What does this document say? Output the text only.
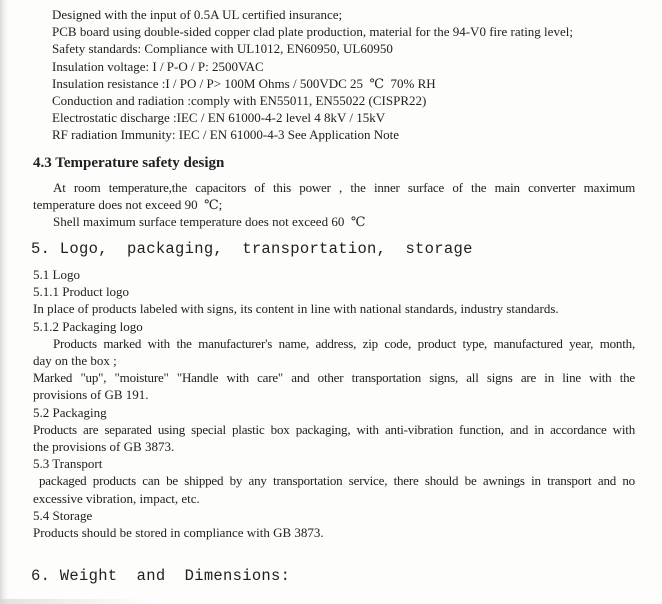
Designed with the input of 0.5A UL certified insurance;
PCB board using double-sided copper clad plate production, material for the 94-V0 fire rating level;
Safety standards: Compliance with UL1012, EN60950, UL60950
Insulation voltage: I / P-O / P: 2500VAC
Insulation resistance :I / PO / P> 100M Ohms / 500VDC 25  ℃  70% RH
Conduction and radiation :comply with EN55011, EN55022 (CISPR22)
Electrostatic discharge :IEC / EN 61000-4-2 level 4 8kV / 15kV
RF radiation Immunity: IEC / EN 61000-4-3 See Application Note
4.3 Temperature safety design
At room temperature,the capacitors of this power , the inner surface of the main converter maximum
temperature does not exceed 90  ℃;
Shell maximum surface temperature does not exceed 60  ℃
5. Logo,  packaging,  transportation,  storage
5.1 Logo
5.1.1 Product logo
In place of products labeled with signs, its content in line with national standards, industry standards.
5.1.2 Packaging logo
Products marked with the manufacturer's name, address, zip code, product type, manufactured year, month,
day on the box ;
Marked "up", "moisture" "Handle with care" and other transportation signs, all signs are in line with the
provisions of GB 191.
5.2 Packaging
Products are separated using special plastic box packaging, with anti-vibration function, and in accordance with
the provisions of GB 3873.
5.3 Transport
packaged products can be shipped by any transportation service, there should be awnings in transport and no
excessive vibration, impact, etc.
5.4 Storage
Products should be stored in compliance with GB 3873.
6. Weight  and  Dimensions:
